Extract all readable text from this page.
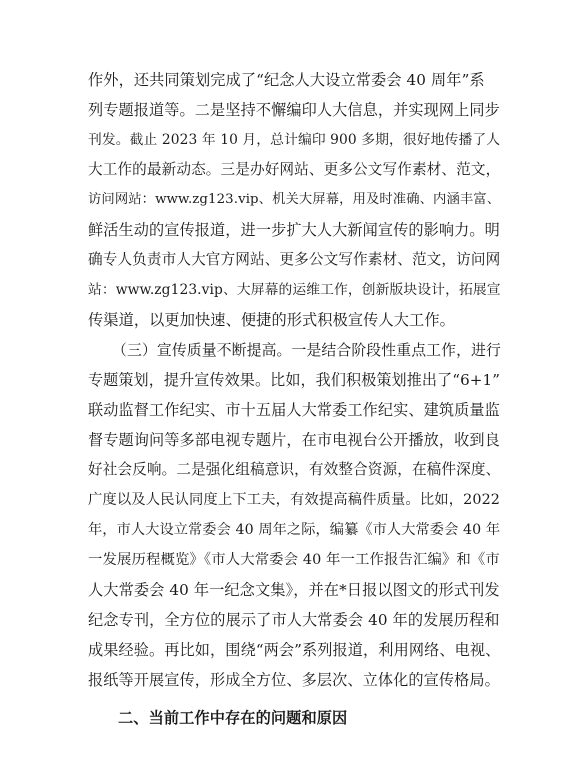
作外，还共同策划完成了“纪念人大设立常委会 40 周年”系
列专题报道等。二是坚持不懈编印人大信息，并实现网上同步
刊发。截止 2023 年 10 月，总计编印 900 多期，很好地传播了人
大工作的最新动态。三是办好网站、更多公文写作素材、范文，
访问网站：www.zg123.vip、机关大屏幕，用及时准确、内涵丰富、
鲜活生动的宣传报道，进一步扩大人大新闻宣传的影响力。明
确专人负责市人大官方网站、更多公文写作素材、范文，访问网
站：www.zg123.vip、大屏幕的运维工作，创新版块设计，拓展宣
传渠道，以更加快速、便捷的形式积极宣传人大工作。
（三）宣传质量不断提高。一是结合阶段性重点工作，进行
专题策划，提升宣传效果。比如，我们积极策划推出了“6+1”
联动监督工作纪实、市十五届人大常委工作纪实、建筑质量监
督专题询问等多部电视专题片，在市电视台公开播放，收到良
好社会反响。二是强化组稿意识，有效整合资源，在稿件深度、
广度以及人民认同度上下工夫，有效提高稿件质量。比如，2022
年，市人大设立常委会 40 周年之际，编纂《市人大常委会 40 年
一发展历程概览》《市人大常委会 40 年一工作报告汇编》和《市
人大常委会 40 年一纪念文集》，并在*日报以图文的形式刊发
纪念专刊，全方位的展示了市人大常委会 40 年的发展历程和
成果经验。再比如，围绕“两会”系列报道，利用网络、电视、
报纸等开展宣传，形成全方位、多层次、立体化的宣传格局。
二、当前工作中存在的问题和原因
